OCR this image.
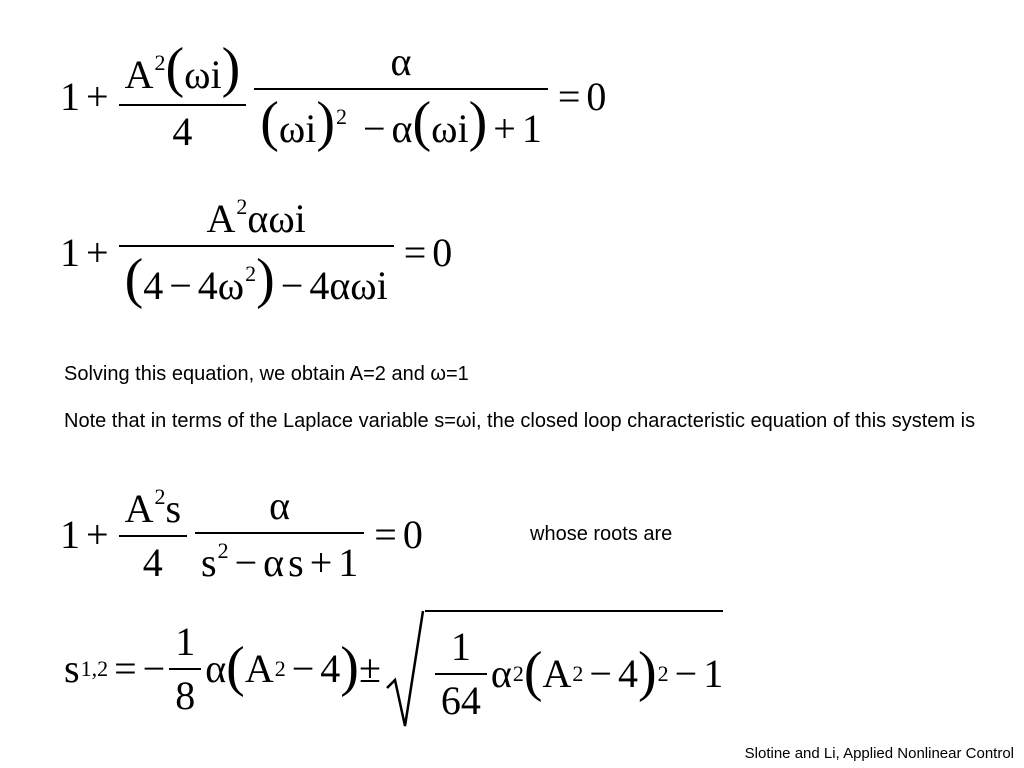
$1 + \frac{A^2(\omega i)}{4} \frac{\alpha}{(\omega i)^2 - \alpha(\omega i) + 1} = 0$
$1 + \frac{A^2\alpha\omega i}{(4 - 4\omega^2) - 4\alpha\omega i} = 0$
Solving this equation, we obtain A=2 and ω=1
Note that in terms of the Laplace variable s=ωi, the closed loop characteristic equation of this system is
$1 + \frac{A^2s}{4} \frac{\alpha}{s^2 - \alpha s + 1} = 0$	whose roots are
s 1,2 = − $\frac{1}{8}$ α ( A 2 − 4 ) ± $\frac{1}{64}$ α 2 ( A 2 − 4 ) 2 − 1
Slotine and Li, Applied Nonlinear Control
